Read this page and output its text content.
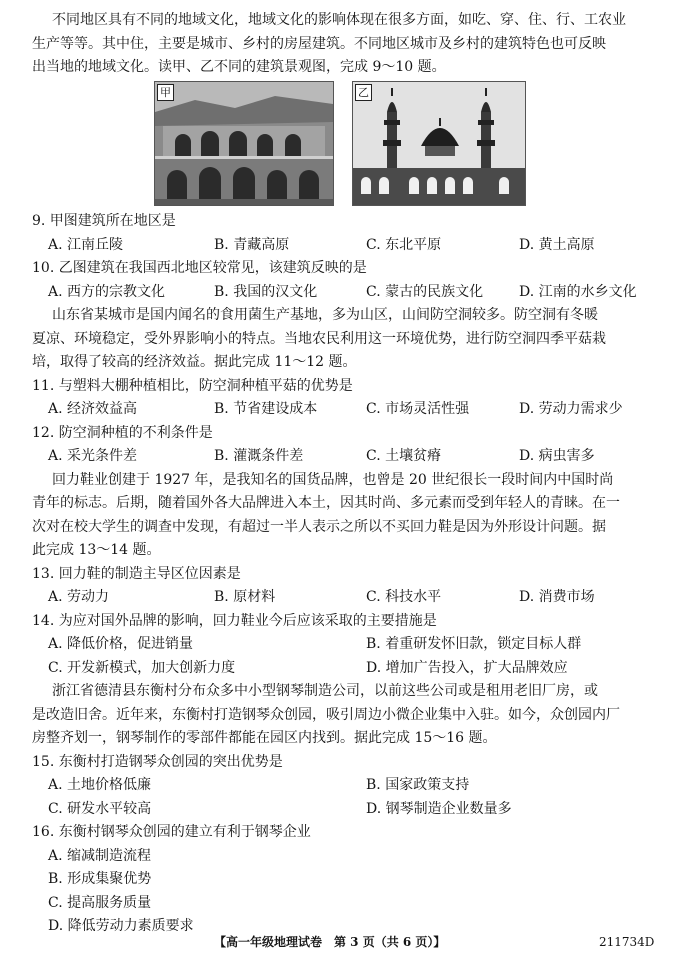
不同地区具有不同的地域文化，地域文化的影响体现在很多方面，如吃、穿、住、行、工农业
生产等等。其中住，主要是城市、乡村的房屋建筑。不同地区城市及乡村的建筑特色也可反映
出当地的地域文化。读甲、乙不同的建筑景观图，完成 9～10 题。
甲	乙
9. 甲图建筑所在地区是
A. 江南丘陵	B. 青藏高原	C. 东北平原	D. 黄土高原
10. 乙图建筑在我国西北地区较常见，该建筑反映的是
A. 西方的宗教文化	B. 我国的汉文化	C. 蒙古的民族文化	D. 江南的水乡文化
山东省某城市是国内闻名的食用菌生产基地，多为山区，山间防空洞较多。防空洞有冬暖
夏凉、环境稳定，受外界影响小的特点。当地农民利用这一环境优势，进行防空洞四季平菇栽
培，取得了较高的经济效益。据此完成 11～12 题。
11. 与塑料大棚种植相比，防空洞种植平菇的优势是
A. 经济效益高	B. 节省建设成本	C. 市场灵活性强	D. 劳动力需求少
12. 防空洞种植的不利条件是
A. 采光条件差	B. 灌溉条件差	C. 土壤贫瘠	D. 病虫害多
回力鞋业创建于 1927 年，是我知名的国货品牌，也曾是 20 世纪很长一段时间内中国时尚
青年的标志。后期，随着国外各大品牌进入本土，因其时尚、多元素而受到年轻人的青睐。在一
次对在校大学生的调查中发现，有超过一半人表示之所以不买回力鞋是因为外形设计问题。据
此完成 13～14 题。
13. 回力鞋的制造主导区位因素是
A. 劳动力	B. 原材料	C. 科技水平	D. 消费市场
14. 为应对国外品牌的影响，回力鞋业今后应该采取的主要措施是
A. 降低价格，促进销量	B. 着重研发怀旧款，锁定目标人群
C. 开发新模式，加大创新力度	D. 增加广告投入，扩大品牌效应
浙江省德清县东衡村分布众多中小型钢琴制造公司，以前这些公司或是租用老旧厂房，或
是改造旧舍。近年来，东衡村打造钢琴众创园，吸引周边小微企业集中入驻。如今，众创园内厂
房整齐划一，钢琴制作的零部件都能在园区内找到。据此完成 15～16 题。
15. 东衡村打造钢琴众创园的突出优势是
A. 土地价格低廉	B. 国家政策支持
C. 研发水平较高	D. 钢琴制造企业数量多
16. 东衡村钢琴众创园的建立有利于钢琴企业
A. 缩减制造流程
B. 形成集聚优势
C. 提高服务质量
D. 降低劳动力素质要求
【高一年级地理试卷　第 3 页（共 6 页）】	211734D
